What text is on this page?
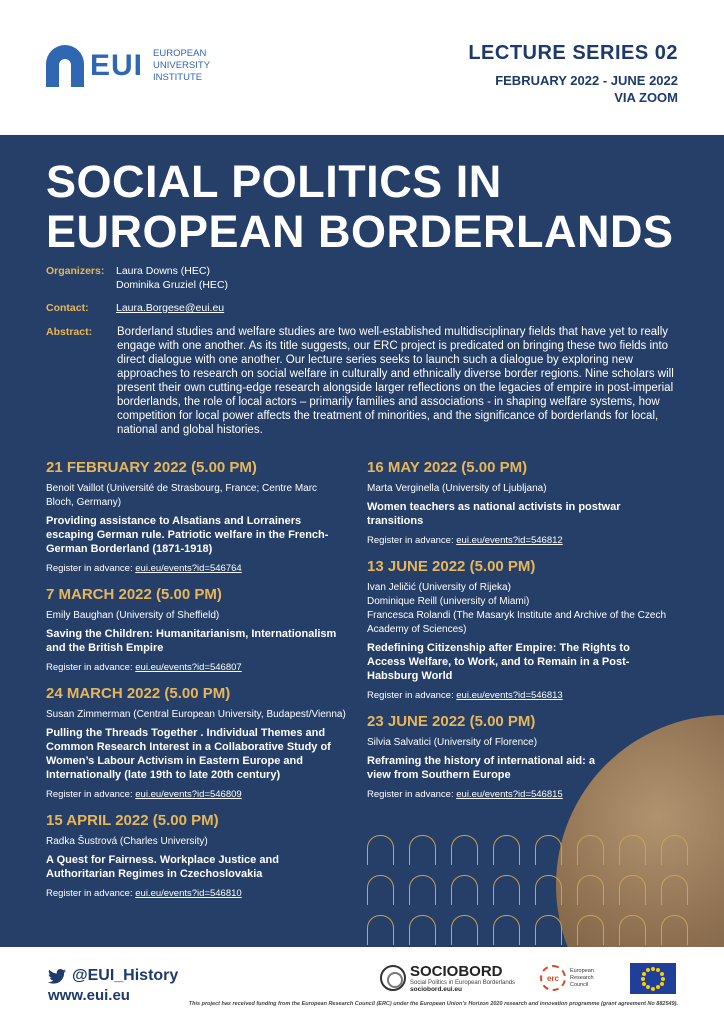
EUI EUROPEAN
UNIVERSITY
INSTITUTE
LECTURE SERIES 02
FEBRUARY 2022 - JUNE 2022
VIA ZOOM
SOCIAL POLITICS IN
EUROPEAN BORDERLANDS
Organizers:	Laura Downs (HEC)
Dominika Gruziel (HEC)
Contact:	Laura.Borgese@eui.eu
Abstract: Borderland studies and welfare studies are two well-established multidisciplinary fields that have yet to really engage with one another. As its title suggests, our ERC project is predicated on bringing these two fields into direct dialogue with one another. Our lecture series seeks to launch such a dialogue by exploring new approaches to research on social welfare in culturally and ethnically diverse border regions. Nine scholars will present their own cutting-edge research alongside larger reflections on the legacies of empire in post-imperial borderlands, the role of local actors – primarily families and associations - in shaping welfare systems, how competition for local power affects the treatment of minorities, and the significance of borderlands for local, national and global histories.
21 FEBRUARY 2022 (5.00 PM)
Benoit Vaillot (Université de Strasbourg, France; Centre Marc Bloch, Germany)
Providing assistance to Alsatians and Lorrainers escaping German rule. Patriotic welfare in the French-German Borderland (1871-1918)
Register in advance: eui.eu/events?id=546764
7 MARCH 2022 (5.00 PM)
Emily Baughan (University of Sheffield)
Saving the Children: Humanitarianism, Internationalism and the British Empire
Register in advance: eui.eu/events?id=546807
24 MARCH 2022 (5.00 PM)
Susan Zimmerman (Central European University, Budapest/Vienna)
Pulling the Threads Together . Individual Themes and Common Research Interest in a Collaborative Study of Women’s Labour Activism in Eastern Europe and Internationally (late 19th to late 20th century)
Register in advance: eui.eu/events?id=546809
15 APRIL 2022 (5.00 PM)
Radka Šustrová (Charles University)
A Quest for Fairness. Workplace Justice and Authoritarian Regimes in Czechoslovakia
Register in advance: eui.eu/events?id=546810
16 MAY 2022 (5.00 PM)
Marta Verginella (University of Ljubljana)
Women teachers as national activists in postwar transitions
Register in advance: eui.eu/events?id=546812
13 JUNE 2022 (5.00 PM)
Ivan Jeličić (University of Rijeka)
Dominique Reill (university of Miami)
Francesca Rolandi (The Masaryk Institute and Archive of the Czech Academy of Sciences)
Redefining Citizenship after Empire: The Rights to Access Welfare, to Work, and to Remain in a Post-Habsburg World
Register in advance: eui.eu/events?id=546813
23 JUNE 2022 (5.00 PM)
Silvia Salvatici (University of Florence)
Reframing the history of international aid: a view from Southern Europe
Register in advance: eui.eu/events?id=546815
@EUI_History
www.eui.eu
SOCIOBORD
Social Politics in European Borderlands
sociobord.eui.eu
erc
European Research Council
This project has received funding from the European Research Council (ERC) under the European Union’s Horizon 2020 research and innovation programme (grant agreement No 882549).
